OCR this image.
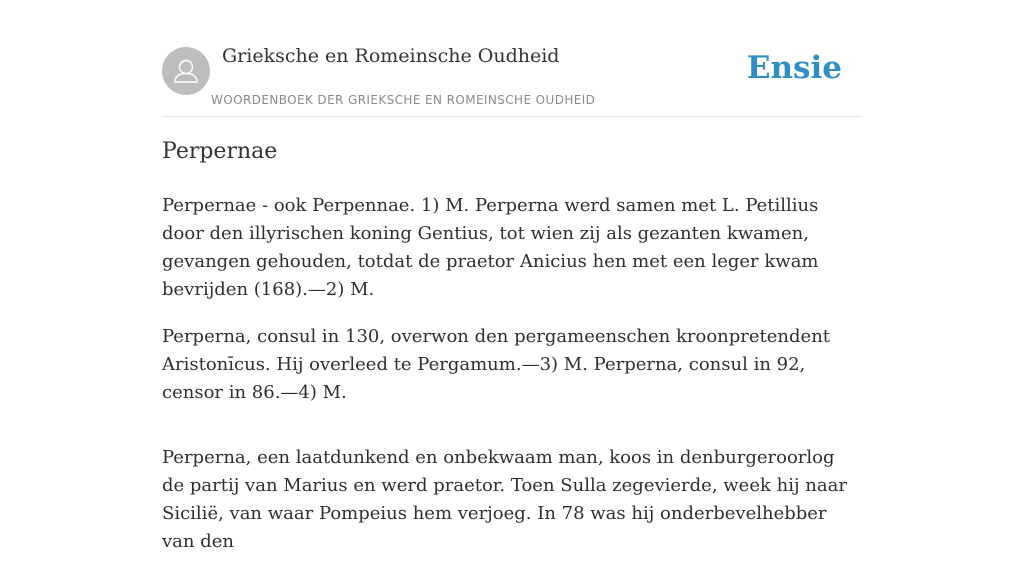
Grieksche en Romeinsche Oudheid
WOORDENBOEK DER GRIEKSCHE EN ROMEINSCHE OUDHEID
Ensie
Perpernae

Perpernae - ook Perpennae. 1) M. Perperna werd samen met L. Petillius door den illyrischen koning Gentius, tot wien zij als gezanten kwamen, gevangen gehouden, totdat de praetor Anicius hen met een leger kwam bevrijden (168).—2) M.

Perperna, consul in 130, overwon den pergameenschen kroonpretendent Aristonīcus. Hij overleed te Pergamum.—3) M. Perperna, consul in 92, censor in 86.—4) M.

Perperna, een laatdunkend en onbekwaam man, koos in denburgeroorlog de partij van Marius en werd praetor. Toen Sulla zegevierde, week hij naar Sicilië, van waar Pompeius hem verjoeg. In 78 was hij onderbevelhebber van den
